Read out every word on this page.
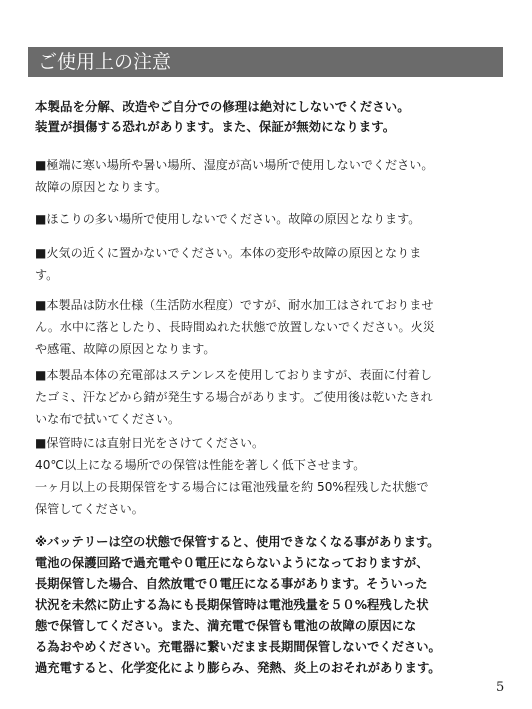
ご使用上の注意
本製品を分解、改造やご自分での修理は絶対にしないでください。
装置が損傷する恐れがあります。また、保証が無効になります。
■極端に寒い場所や暑い場所、湿度が高い場所で使用しないでください。
故障の原因となります。
■ほこりの多い場所で使用しないでください。故障の原因となります。
■火気の近くに置かないでください。本体の変形や故障の原因となりま
す。
■本製品は防水仕様（生活防水程度）ですが、耐水加工はされておりませ
ん。水中に落としたり、長時間ぬれた状態で放置しないでください。火災
や感電、故障の原因となります。
■本製品本体の充電部はステンレスを使用しておりますが、表面に付着し
たゴミ、汗などから錆が発生する場合があります。ご使用後は乾いたきれ
いな布で拭いてください。
■保管時には直射日光をさけてください。
40℃以上になる場所での保管は性能を著しく低下させます。
一ヶ月以上の長期保管をする場合には電池残量を約 50%程残した状態で
保管してください。
※バッテリーは空の状態で保管すると、使用できなくなる事があります。
電池の保護回路で過充電や０電圧にならないようになっておりますが、
長期保管した場合、自然放電で０電圧になる事があります。そういった
状況を未然に防止する為にも長期保管時は電池残量を５０%程残した状
態で保管してください。また、満充電で保管も電池の故障の原因にな
る為おやめください。充電器に繋いだまま長期間保管しないでください。
過充電すると、化学変化により膨らみ、発熱、炎上のおそれがあります。
5
